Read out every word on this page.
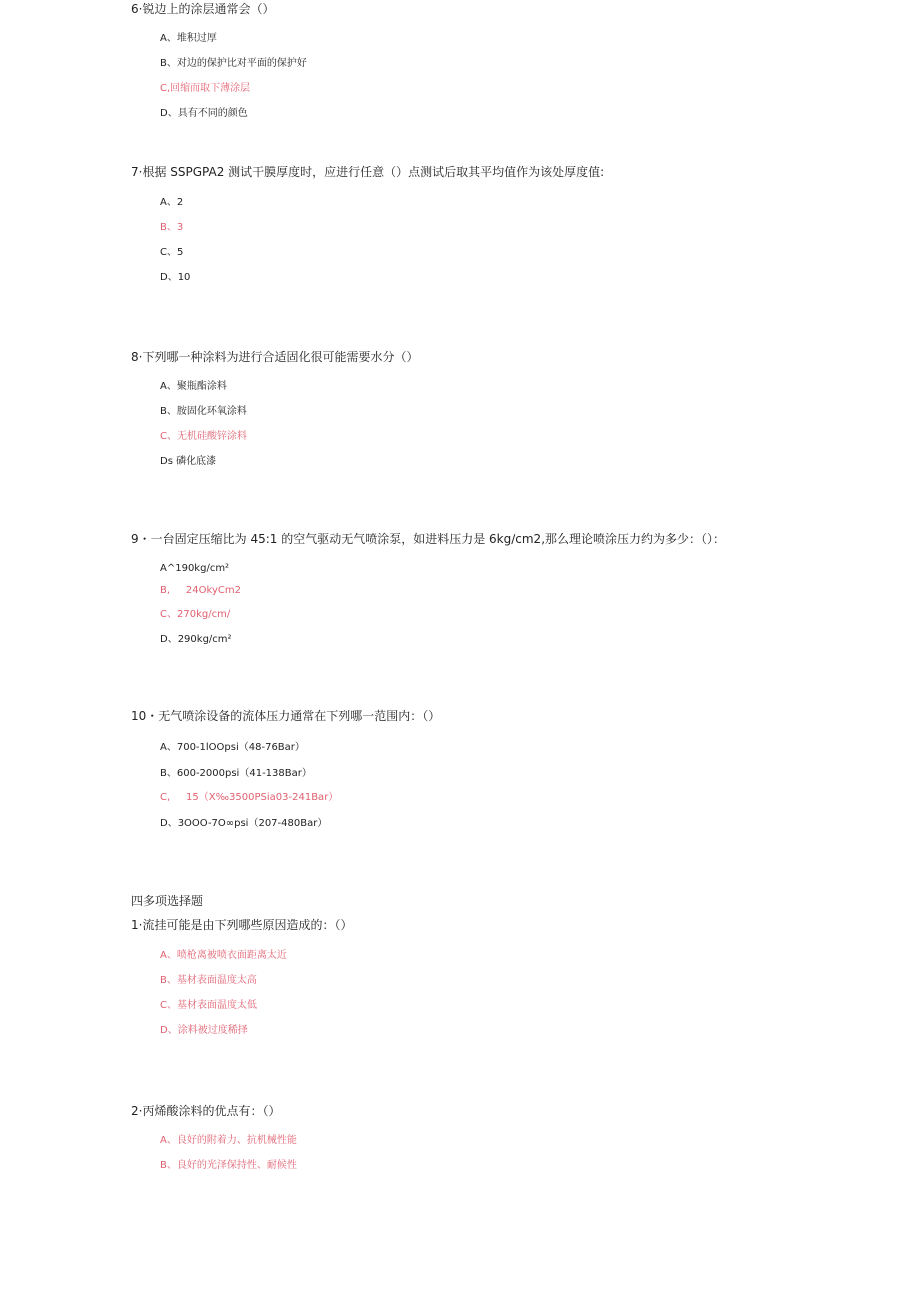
6·锐边上的涂层通常会（）
A、堆积过厚
B、对边的保护比对平面的保护好
C,回缩而取下薄涂层
D、具有不同的颜色
7·根据 SSPGPA2 测试干膜厚度时，应进行任意（）点测试后取其平均值作为该处厚度值:
A、2
B、3
C、5
D、10
8·下列哪一种涂料为进行合适固化很可能需要水分（）
A、聚瓶酯涂料
B、胺固化环氧涂料
C、无机硅酸锌涂料
Ds 磷化底漆
9・一台固定压缩比为 45:1 的空气驱动无气喷涂泵，如进料压力是 6kg∕cm2,那么理论喷涂压力约为多少：（）：
A^190kg∕cm²
B,     24OkyCm2
C、270kg∕cm∕
D、290kg∕cm²
10・无气喷涂设备的流体压力通常在下列哪一范围内：（）
A、700-1lOOpsi（48-76Bar）
B、600-2000psi（41-138Bar）
C,     15（X‰3500PSia03-241Bar）
D、3OOO-7O∞psi（207-480Bar）
四多项选择题
1·流挂可能是由下列哪些原因造成的：（）
A、喷枪离被喷衣面距离太近
B、基材表面温度太高
C、基材表面温度太低
D、涂料被过度稀择
2·丙烯酸涂料的优点有：（）
A、良好的附着力、抗机械性能
B、良好的光泽保持性、耐候性
